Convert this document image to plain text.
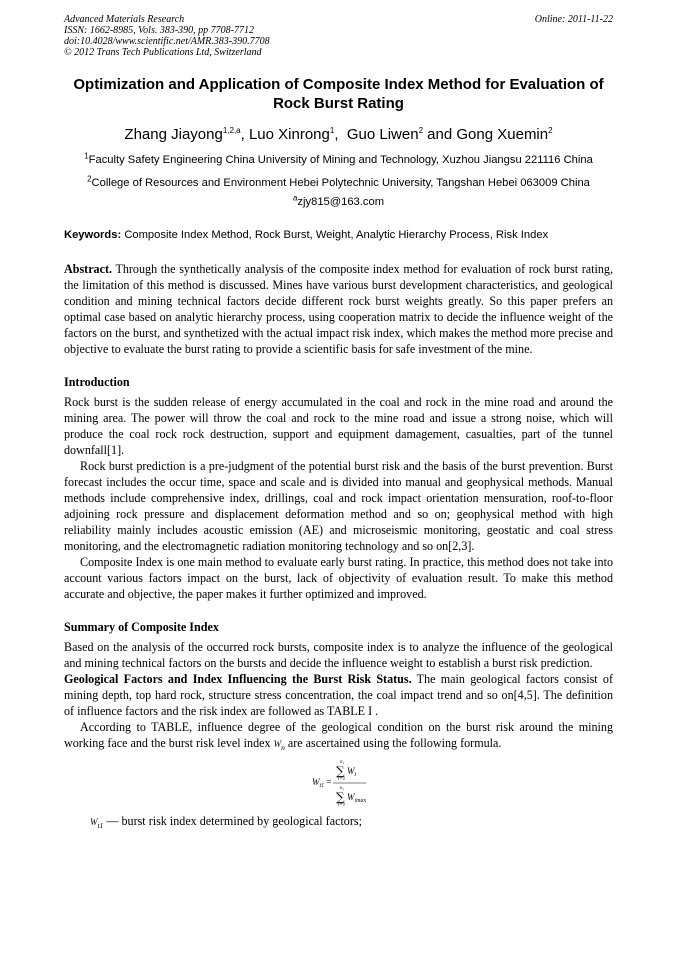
Advanced Materials Research
ISSN: 1662-8985, Vols. 383-390, pp 7708-7712
doi:10.4028/www.scientific.net/AMR.383-390.7708
© 2012 Trans Tech Publications Ltd, Switzerland
Online: 2011-11-22
Optimization and Application of Composite Index Method for Evaluation of Rock Burst Rating
Zhang Jiayong$^{1,2,a}$, Luo Xinrong$^1$,  Guo Liwen$^2$ and Gong Xuemin$^2$
$^1$Faculty Safety Engineering China University of Mining and Technology, Xuzhou Jiangsu 221116 China
$^2$College of Resources and Environment Hebei Polytechnic University, Tangshan Hebei 063009 China
$^a$zjy815@163.com
Keywords: Composite Index Method, Rock Burst, Weight, Analytic Hierarchy Process, Risk Index
Abstract. Through the synthetically analysis of the composite index method for evaluation of rock burst rating, the limitation of this method is discussed. Mines have various burst development characteristics, and geological condition and mining technical factors decide different rock burst weights greatly. So this paper prefers an optimal case based on analytic hierarchy process, using cooperation matrix to decide the influence weight of the factors on the burst, and synthetized with the actual impact risk index, which makes the method more precise and objective to evaluate the burst rating to provide a scientific basis for safe investment of the mine.
Introduction
Rock burst is the sudden release of energy accumulated in the coal and rock in the mine road and around the mining area. The power will throw the coal and rock to the mine road and issue a strong noise, which will produce the coal rock rock destruction, support and equipment damagement, casualties, part of the tunnel downfall[1].
Rock burst prediction is a pre-judgment of the potential burst risk and the basis of the burst prevention. Burst forecast includes the occur time, space and scale and is divided into manual and geophysical methods. Manual methods include comprehensive index, drillings, coal and rock impact orientation mensuration, roof-to-floor adjoining rock pressure and displacement deformation method and so on; geophysical method with high reliability mainly includes acoustic emission (AE) and microseismic monitoring, geostatic and coal stress monitoring, and the electromagnetic radiation monitoring technology and so on[2,3].
Composite Index is one main method to evaluate early burst rating. In practice, this method does not take into account various factors impact on the burst, lack of objectivity of evaluation result. To make this method accurate and objective, the paper makes it further optimized and improved.
Summary of Composite Index
Based on the analysis of the occurred rock bursts, composite index is to analyze the influence of the geological and mining technical factors on the bursts and decide the influence weight to establish a burst risk prediction.
Geological Factors and Index Influencing the Burst Risk Status. The main geological factors consist of mining depth, top hard rock, structure stress concentration, the coal impact trend and so on[4,5]. The definition of influence factors and the risk index are followed as TABLE I .
According to TABLE, influence degree of the geological condition on the burst risk around the mining working face and the burst risk level index $W_n$ are ascertained using the following formula.
$W_{t1}$ =
n₁
∑ $W_i$
i=1
n₁
∑ $W_{imax}$
i=1
$W_{t1}$ — burst risk index determined by geological factors;
